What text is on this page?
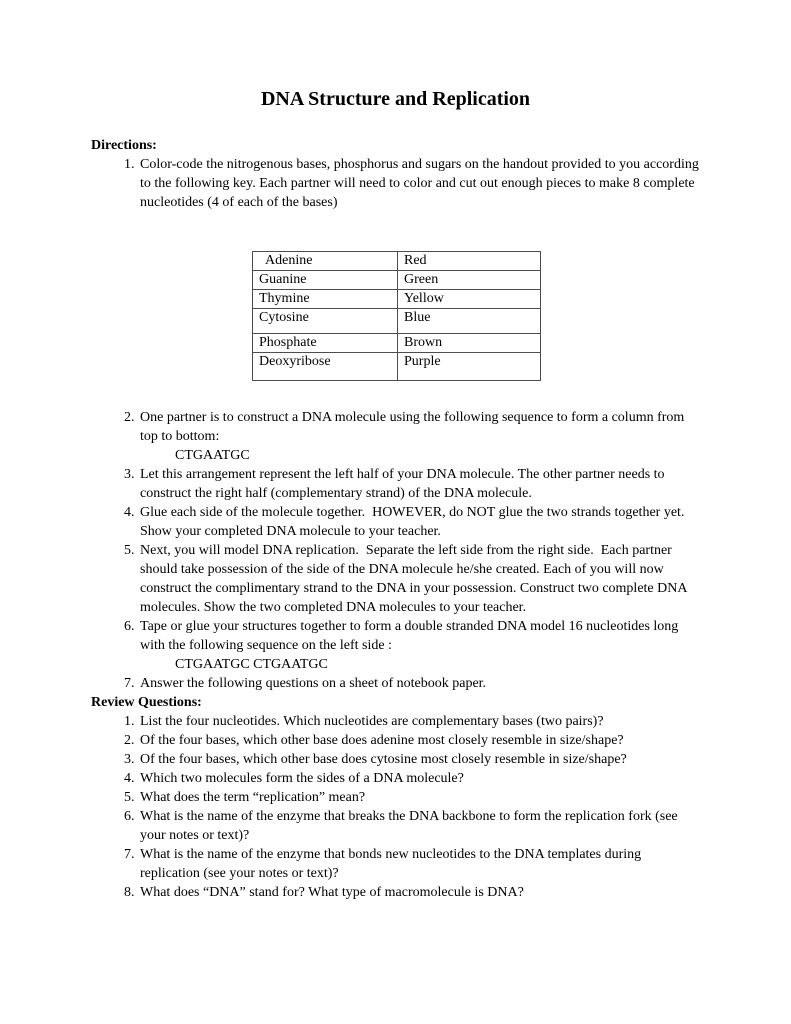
DNA Structure and Replication
Directions:
1. Color-code the nitrogenous bases, phosphorus and sugars on the handout provided to you according to the following key. Each partner will need to color and cut out enough pieces to make 8 complete nucleotides (4 of each of the bases)
Adenine	Red
Guanine	Green
Thymine	Yellow
Cytosine	Blue
Phosphate	Brown
Deoxyribose	Purple
2. One partner is to construct a DNA molecule using the following sequence to form a column from top to bottom:
CTGAATGC
3. Let this arrangement represent the left half of your DNA molecule. The other partner needs to construct the right half (complementary strand) of the DNA molecule.
4. Glue each side of the molecule together.  HOWEVER, do NOT glue the two strands together yet. Show your completed DNA molecule to your teacher.
5. Next, you will model DNA replication.  Separate the left side from the right side.  Each partner should take possession of the side of the DNA molecule he/she created. Each of you will now construct the complimentary strand to the DNA in your possession. Construct two complete DNA molecules. Show the two completed DNA molecules to your teacher.
6. Tape or glue your structures together to form a double stranded DNA model 16 nucleotides long with the following sequence on the left side :
CTGAATGC CTGAATGC
7. Answer the following questions on a sheet of notebook paper.
Review Questions:
1. List the four nucleotides. Which nucleotides are complementary bases (two pairs)?
2. Of the four bases, which other base does adenine most closely resemble in size/shape?
3. Of the four bases, which other base does cytosine most closely resemble in size/shape?
4. Which two molecules form the sides of a DNA molecule?
5. What does the term “replication” mean?
6. What is the name of the enzyme that breaks the DNA backbone to form the replication fork (see your notes or text)?
7. What is the name of the enzyme that bonds new nucleotides to the DNA templates during replication (see your notes or text)?
8. What does “DNA” stand for? What type of macromolecule is DNA?
